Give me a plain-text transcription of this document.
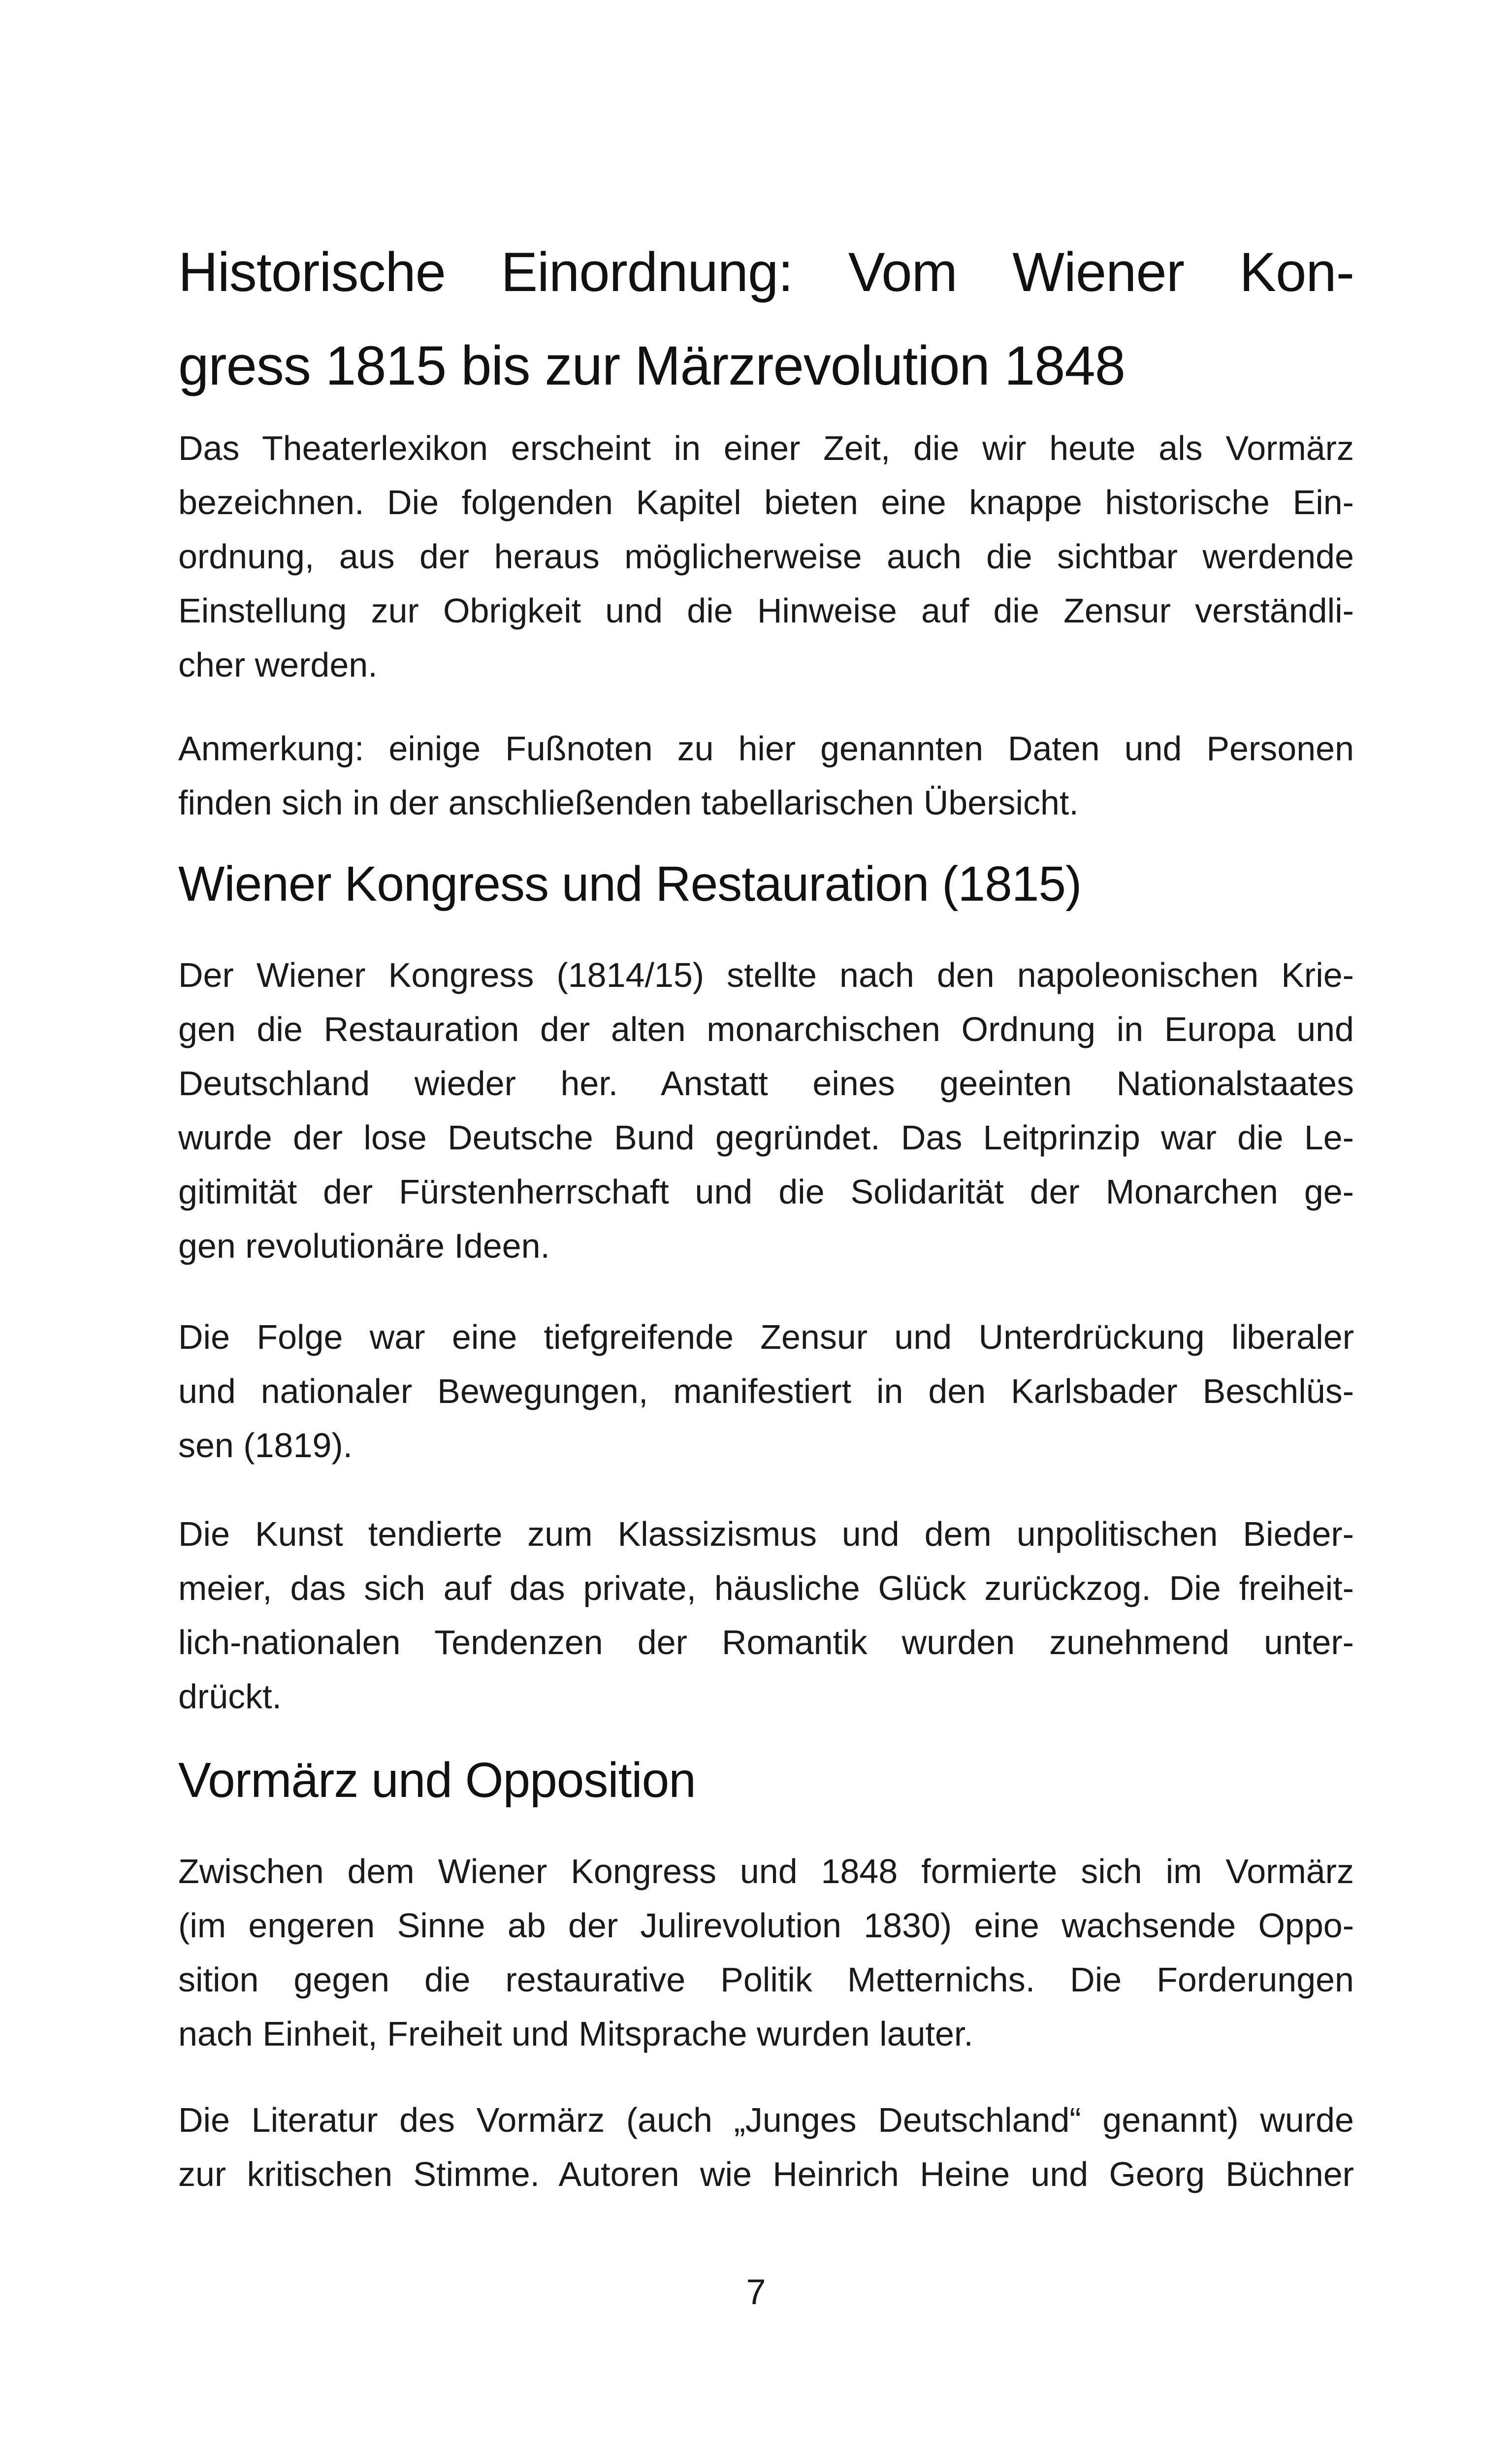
Historische Einordnung: Vom Wiener Kon-
gress 1815 bis zur Märzrevolution 1848
Das Theaterlexikon erscheint in einer Zeit, die wir heute als Vormärz
bezeichnen. Die folgenden Kapitel bieten eine knappe historische Ein-
ordnung, aus der heraus möglicherweise auch die sichtbar werdende
Einstellung zur Obrigkeit und die Hinweise auf die Zensur verständli-
cher werden.
Anmerkung: einige Fußnoten zu hier genannten Daten und Personen
finden sich in der anschließenden tabellarischen Übersicht.
Wiener Kongress und Restauration (1815)
Der Wiener Kongress (1814/15) stellte nach den napoleonischen Krie-
gen die Restauration der alten monarchischen Ordnung in Europa und
Deutschland wieder her. Anstatt eines geeinten Nationalstaates
wurde der lose Deutsche Bund gegründet. Das Leitprinzip war die Le-
gitimität der Fürstenherrschaft und die Solidarität der Monarchen ge-
gen revolutionäre Ideen.
Die Folge war eine tiefgreifende Zensur und Unterdrückung liberaler
und nationaler Bewegungen, manifestiert in den Karlsbader Beschlüs-
sen (1819).
Die Kunst tendierte zum Klassizismus und dem unpolitischen Bieder-
meier, das sich auf das private, häusliche Glück zurückzog. Die freiheit-
lich-nationalen Tendenzen der Romantik wurden zunehmend unter-
drückt.
Vormärz und Opposition
Zwischen dem Wiener Kongress und 1848 formierte sich im Vormärz
(im engeren Sinne ab der Julirevolution 1830) eine wachsende Oppo-
sition gegen die restaurative Politik Metternichs. Die Forderungen
nach Einheit, Freiheit und Mitsprache wurden lauter.
Die Literatur des Vormärz (auch „Junges Deutschland“ genannt) wurde
zur kritischen Stimme. Autoren wie Heinrich Heine und Georg Büchner
7
